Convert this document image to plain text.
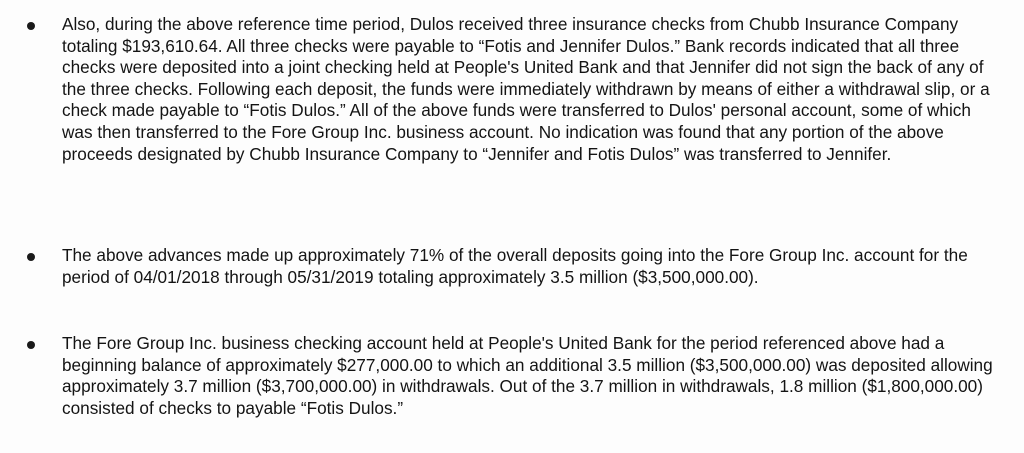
Also, during the above reference time period, Dulos received three insurance checks from Chubb Insurance Company totaling $193,610.64. All three checks were payable to “Fotis and Jennifer Dulos.” Bank records indicated that all three checks were deposited into a joint checking held at People's United Bank and that Jennifer did not sign the back of any of the three checks. Following each deposit, the funds were immediately withdrawn by means of either a withdrawal slip, or a check made payable to “Fotis Dulos.” All of the above funds were transferred to Dulos' personal account, some of which was then transferred to the Fore Group Inc. business account. No indication was found that any portion of the above proceeds designated by Chubb Insurance Company to “Jennifer and Fotis Dulos” was transferred to Jennifer.

The above advances made up approximately 71% of the overall deposits going into the Fore Group Inc. account for the period of 04/01/2018 through 05/31/2019 totaling approximately 3.5 million ($3,500,000.00).

The Fore Group Inc. business checking account held at People's United Bank for the period referenced above had a beginning balance of approximately $277,000.00 to which an additional 3.5 million ($3,500,000.00) was deposited allowing approximately 3.7 million ($3,700,000.00) in withdrawals. Out of the 3.7 million in withdrawals, 1.8 million ($1,800,000.00) consisted of checks to payable “Fotis Dulos.”
